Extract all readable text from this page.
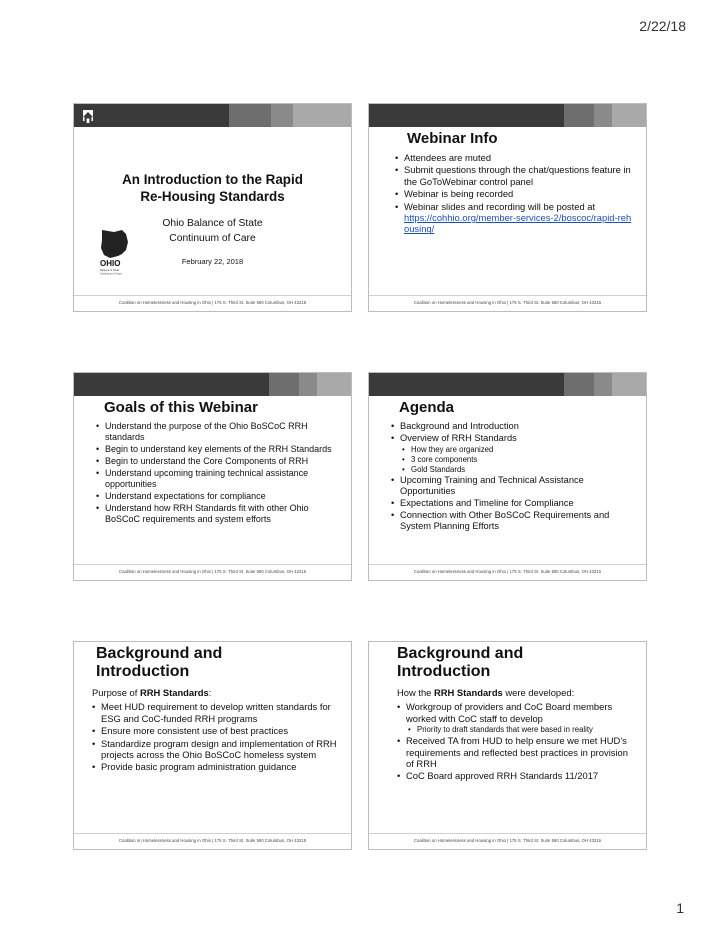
2/22/18
An Introduction to the Rapid
Re-Housing Standards
Ohio Balance of State
Continuum of Care
OHIO
Balance of State
Continuum of Care
February 22, 2018
Coalition on Homelessness and Housing in Ohio | 175 S. Third St. Suite 580 Columbus, OH 43215
Webinar Info
• Attendees are muted
• Submit questions through the chat/questions feature in the GoToWebinar control panel
• Webinar is being recorded
• Webinar slides and recording will be posted at
https://cohhio.org/member-services-2/boscoc/rapid-rehousing/
Coalition on Homelessness and Housing in Ohio | 175 S. Third St. Suite 580 Columbus, OH 43215
Goals of this Webinar
• Understand the purpose of the Ohio BoSCoC RRH standards
• Begin to understand key elements of the RRH Standards
• Begin to understand the Core Components of RRH
• Understand upcoming training technical assistance opportunities
• Understand expectations for compliance
• Understand how RRH Standards fit with other Ohio BoSCoC requirements and system efforts
Coalition on Homelessness and Housing in Ohio | 175 S. Third St. Suite 580 Columbus, OH 43215
Agenda
• Background and Introduction
• Overview of RRH Standards
• How they are organized
• 3 core components
• Gold Standards
• Upcoming Training and Technical Assistance Opportunities
• Expectations and Timeline for Compliance
• Connection with Other BoSCoC Requirements and System Planning Efforts
Coalition on Homelessness and Housing in Ohio | 175 S. Third St. Suite 580 Columbus, OH 43215
Background and
Introduction
Purpose of RRH Standards:
• Meet HUD requirement to develop written standards for ESG and CoC-funded RRH programs
• Ensure more consistent use of best practices
• Standardize program design and implementation of RRH projects across the Ohio BoSCoC homeless system
• Provide basic program administration guidance
Coalition on Homelessness and Housing in Ohio | 175 S. Third St. Suite 580 Columbus, OH 43215
Background and
Introduction
How the RRH Standards were developed:
• Workgroup of providers and CoC Board members worked with CoC staff to develop
• Priority to draft standards that were based in reality
• Received TA from HUD to help ensure we met HUD's requirements and reflected best practices in provision of RRH
• CoC Board approved RRH Standards 11/2017
Coalition on Homelessness and Housing in Ohio | 175 S. Third St. Suite 580 Columbus, OH 43215
1
